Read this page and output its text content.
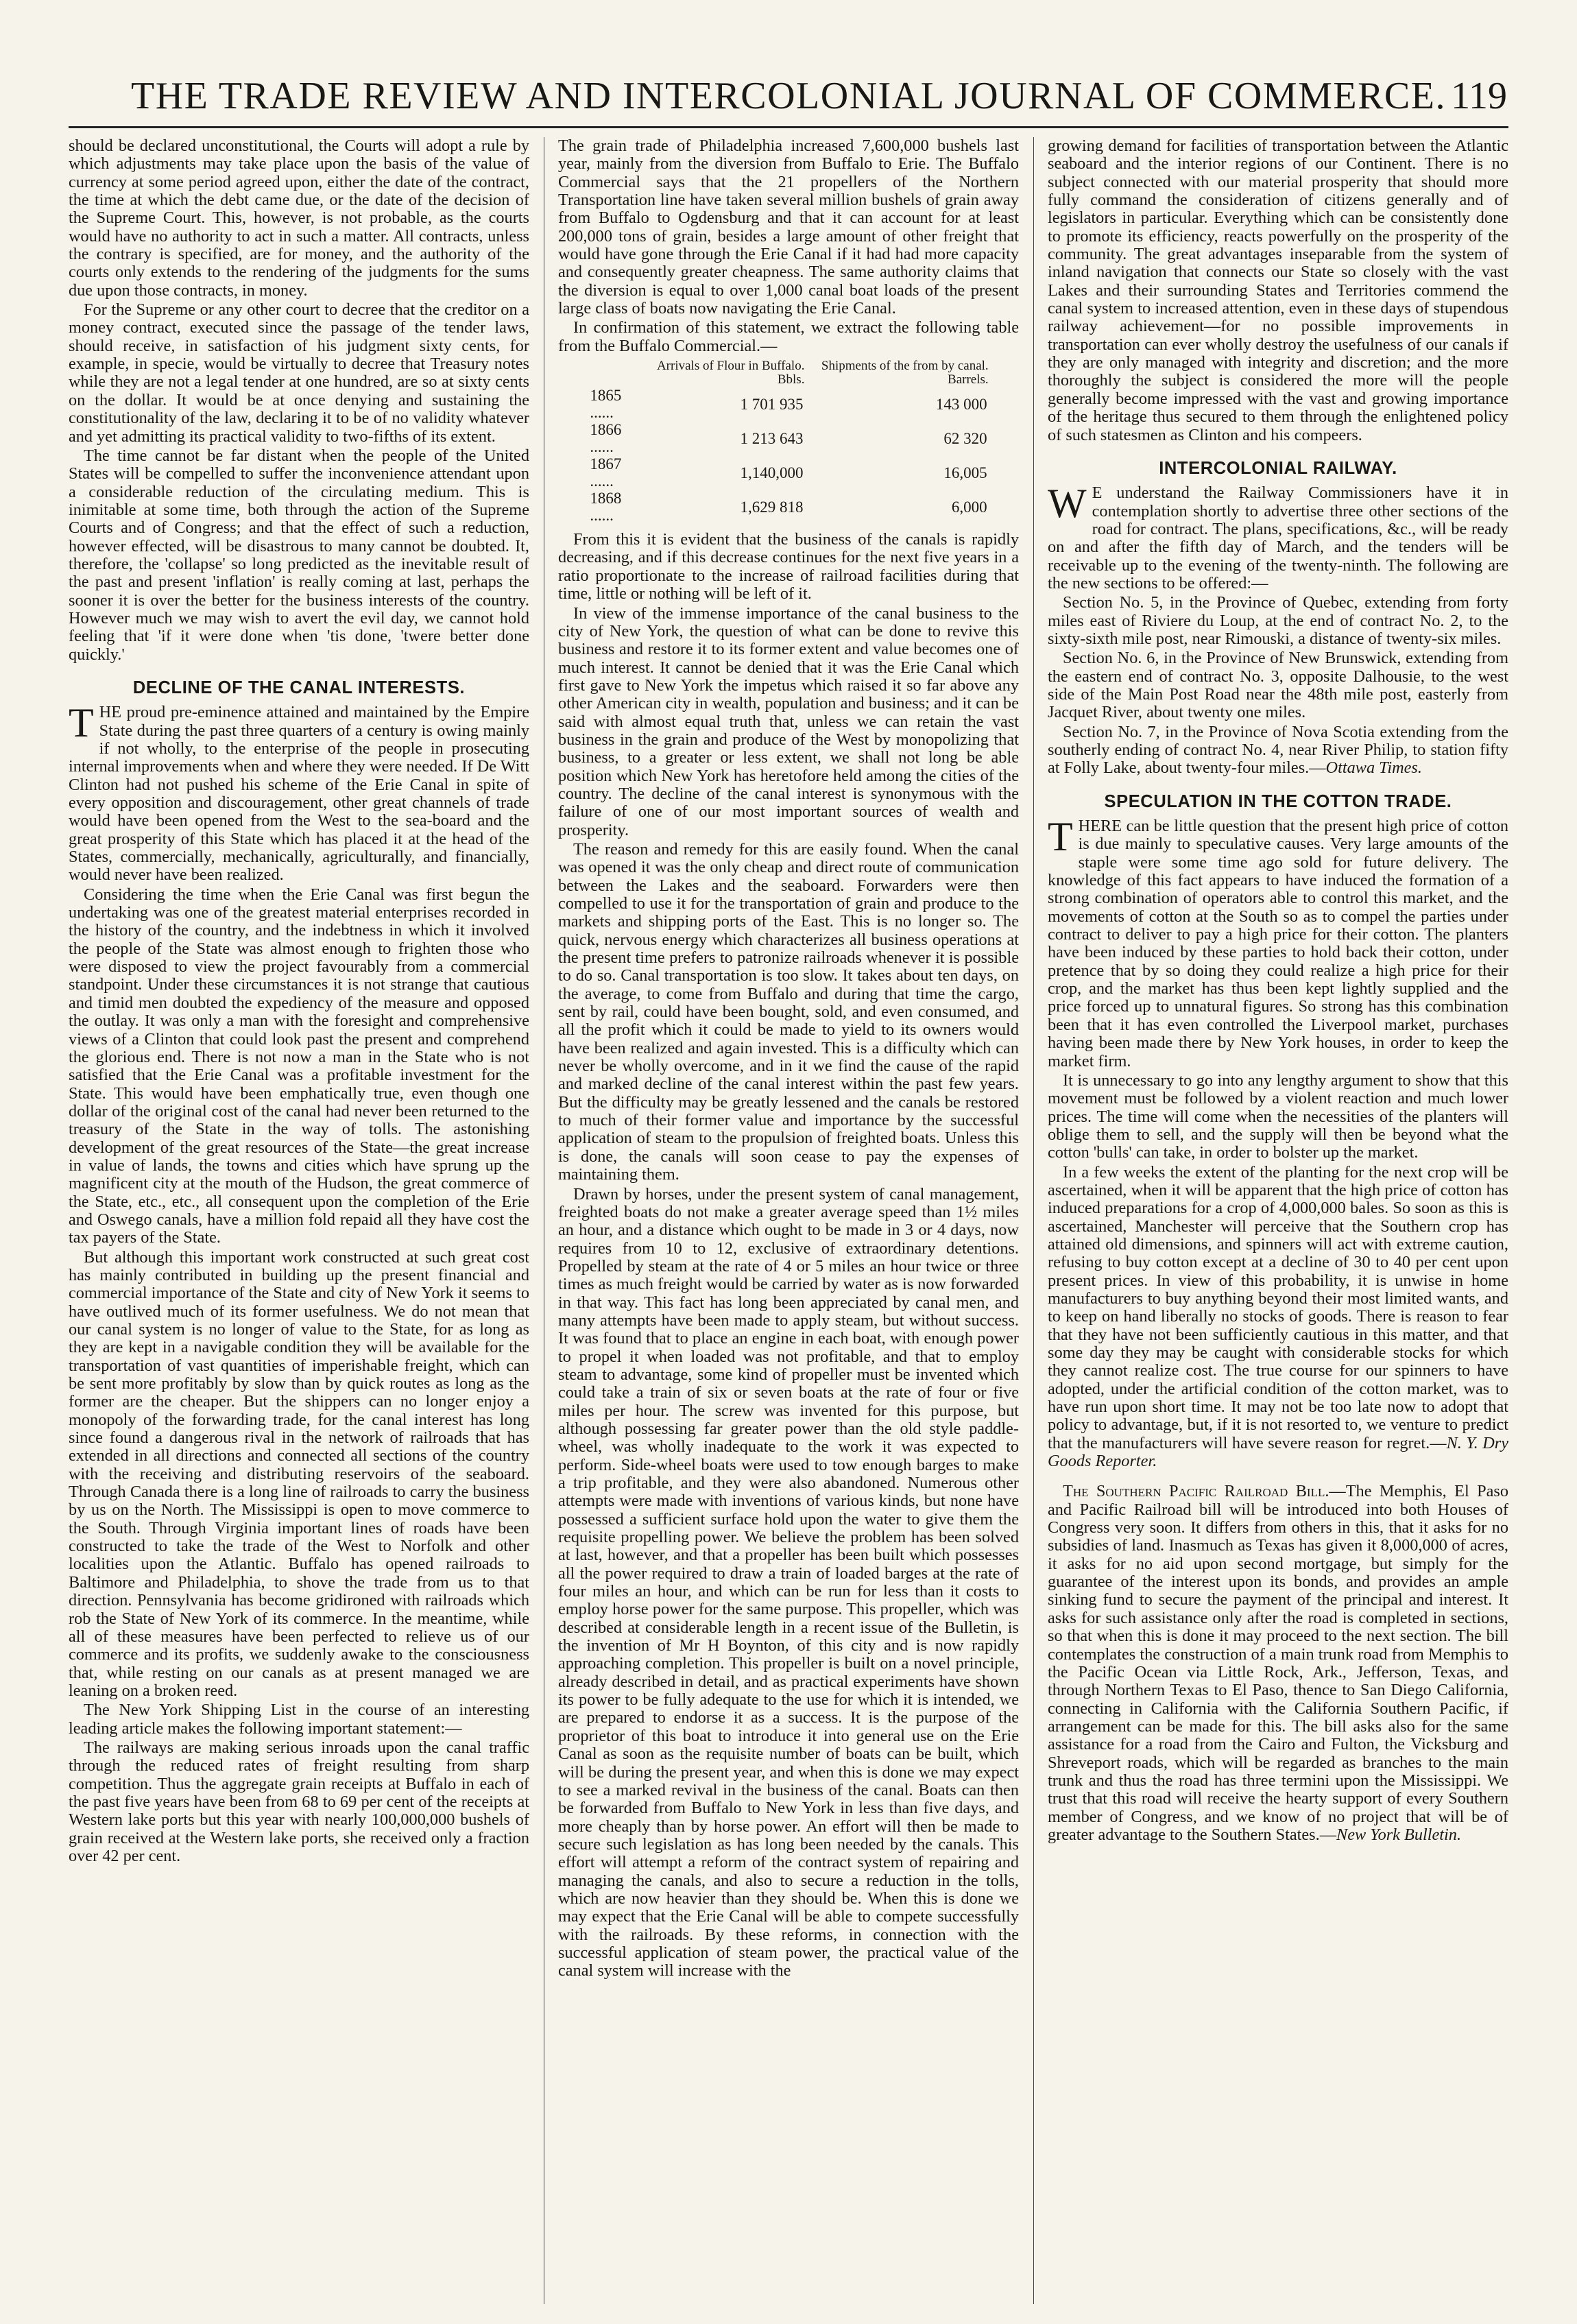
THE TRADE REVIEW AND INTERCOLONIAL JOURNAL OF COMMERCE. 119

should be declared unconstitutional, the Courts will adopt a rule by which adjustments may take place upon the basis of the value of currency at some period agreed upon, either the date of the contract, the time at which the debt came due, or the date of the decision of the Supreme Court. This, however, is not probable, as the courts would have no authority to act in such a matter. All contracts, unless the contrary is specified, are for money, and the authority of the courts only extends to the rendering of the judgments for the sums due upon those contracts, in money.

For the Supreme or any other court to decree that the creditor on a money contract, executed since the passage of the tender laws, should receive, in satisfaction of his judgment sixty cents, for example, in specie, would be virtually to decree that Treasury notes while they are not a legal tender at one hundred, are so at sixty cents on the dollar. It would be at once denying and sustaining the constitutionality of the law, declaring it to be of no validity whatever and yet admitting its practical validity to two-fifths of its extent.

The time cannot be far distant when the people of the United States will be compelled to suffer the inconvenience attendant upon a considerable reduction of the circulating medium. This is inimitable at some time, both through the action of the Supreme Courts and of Congress; and that the effect of such a reduction, however effected, will be disastrous to many cannot be doubted. It, therefore, the 'collapse' so long predicted as the inevitable result of the past and present 'inflation' is really coming at last, perhaps the sooner it is over the better for the business interests of the country. However much we may wish to avert the evil day, we cannot hold feeling that 'if it were done when 'tis done, 'twere better done quickly.'

DECLINE OF THE CANAL INTERESTS.

THE proud pre-eminence attained and maintained by the Empire State during the past three quarters of a century is owing mainly if not wholly, to the enterprise of the people in prosecuting internal improvements when and where they were needed. If De Witt Clinton had not pushed his scheme of the Erie Canal in spite of every opposition and discouragement, other great channels of trade would have been opened from the West to the sea-board and the great prosperity of this State which has placed it at the head of the States, commercially, mechanically, agriculturally, and financially, would never have been realized.

Considering the time when the Erie Canal was first begun the undertaking was one of the greatest material enterprises recorded in the history of the country, and the indebtness in which it involved the people of the State was almost enough to frighten those who were disposed to view the project favourably from a commercial standpoint. Under these circumstances it is not strange that cautious and timid men doubted the expediency of the measure and opposed the outlay. It was only a man with the foresight and comprehensive views of a Clinton that could look past the present and comprehend the glorious end. There is not now a man in the State who is not satisfied that the Erie Canal was a profitable investment for the State. This would have been emphatically true, even though one dollar of the original cost of the canal had never been returned to the treasury of the State in the way of tolls. The astonishing development of the great resources of the State—the great increase in value of lands, the towns and cities which have sprung up the magnificent city at the mouth of the Hudson, the great commerce of the State, etc., etc., all consequent upon the completion of the Erie and Oswego canals, have a million fold repaid all they have cost the tax payers of the State.

But although this important work constructed at such great cost has mainly contributed in building up the present financial and commercial importance of the State and city of New York it seems to have outlived much of its former usefulness. We do not mean that our canal system is no longer of value to the State, for as long as they are kept in a navigable condition they will be available for the transportation of vast quantities of imperishable freight, which can be sent more profitably by slow than by quick routes as long as the former are the cheaper. But the shippers can no longer enjoy a monopoly of the forwarding trade, for the canal interest has long since found a dangerous rival in the network of railroads that has extended in all directions and connected all sections of the country with the receiving and distributing reservoirs of the seaboard. Through Canada there is a long line of railroads to carry the business by us on the North. The Mississippi is open to move commerce to the South. Through Virginia important lines of roads have been constructed to take the trade of the West to Norfolk and other localities upon the Atlantic. Buffalo has opened railroads to Baltimore and Philadelphia, to shove the trade from us to that direction. Pennsylvania has become gridironed with railroads which rob the State of New York of its commerce. In the meantime, while all of these measures have been perfected to relieve us of our commerce and its profits, we suddenly awake to the consciousness that, while resting on our canals as at present managed we are leaning on a broken reed.

The New York Shipping List in the course of an interesting leading article makes the following important statement:—

The railways are making serious inroads upon the canal traffic through the reduced rates of freight resulting from sharp competition. Thus the aggregate grain receipts at Buffalo in each of the past five years have been from 68 to 69 per cent of the receipts at Western lake ports but this year with nearly 100,000,000 bushels of grain received at the Western lake ports, she received only a fraction over 42 per cent.

The grain trade of Philadelphia increased 7,600,000 bushels last year, mainly from the diversion from Buffalo to Erie. The Buffalo Commercial says that the 21 propellers of the Northern Transportation line have taken several million bushels of grain away from Buffalo to Ogdensburg and that it can account for at least 200,000 tons of grain, besides a large amount of other freight that would have gone through the Erie Canal if it had had more capacity and consequently greater cheapness. The same authority claims that the diversion is equal to over 1,000 canal boat loads of the present large class of boats now navigating the Erie Canal.

In confirmation of this statement, we extract the following table from the Buffalo Commercial.—

	Arrivals of Flour in Buffalo. Bbls.	Shipments of the from by canal. Barrels.
1865 ......	1 701 935	143 000
1866 ......	1 213 643	62 320
1867 ......	1,140,000	16,005
1868 ......	1,629 818	6,000

From this it is evident that the business of the canals is rapidly decreasing, and if this decrease continues for the next five years in a ratio proportionate to the increase of railroad facilities during that time, little or nothing will be left of it.

In view of the immense importance of the canal business to the city of New York, the question of what can be done to revive this business and restore it to its former extent and value becomes one of much interest. It cannot be denied that it was the Erie Canal which first gave to New York the impetus which raised it so far above any other American city in wealth, population and business; and it can be said with almost equal truth that, unless we can retain the vast business in the grain and produce of the West by monopolizing that business, to a greater or less extent, we shall not long be able position which New York has heretofore held among the cities of the country. The decline of the canal interest is synonymous with the failure of one of our most important sources of wealth and prosperity.

The reason and remedy for this are easily found. When the canal was opened it was the only cheap and direct route of communication between the Lakes and the seaboard. Forwarders were then compelled to use it for the transportation of grain and produce to the markets and shipping ports of the East. This is no longer so. The quick, nervous energy which characterizes all business operations at the present time prefers to patronize railroads whenever it is possible to do so. Canal transportation is too slow. It takes about ten days, on the average, to come from Buffalo and during that time the cargo, sent by rail, could have been bought, sold, and even consumed, and all the profit which it could be made to yield to its owners would have been realized and again invested. This is a difficulty which can never be wholly overcome, and in it we find the cause of the rapid and marked decline of the canal interest within the past few years. But the difficulty may be greatly lessened and the canals be restored to much of their former value and importance by the successful application of steam to the propulsion of freighted boats. Unless this is done, the canals will soon cease to pay the expenses of maintaining them.

Drawn by horses, under the present system of canal management, freighted boats do not make a greater average speed than 1½ miles an hour, and a distance which ought to be made in 3 or 4 days, now requires from 10 to 12, exclusive of extraordinary detentions. Propelled by steam at the rate of 4 or 5 miles an hour twice or three times as much freight would be carried by water as is now forwarded in that way. This fact has long been appreciated by canal men, and many attempts have been made to apply steam, but without success. It was found that to place an engine in each boat, with enough power to propel it when loaded was not profitable, and that to employ steam to advantage, some kind of propeller must be invented which could take a train of six or seven boats at the rate of four or five miles per hour. The screw was invented for this purpose, but although possessing far greater power than the old style paddle-wheel, was wholly inadequate to the work it was expected to perform. Side-wheel boats were used to tow enough barges to make a trip profitable, and they were also abandoned. Numerous other attempts were made with inventions of various kinds, but none have possessed a sufficient surface hold upon the water to give them the requisite propelling power. We believe the problem has been solved at last, however, and that a propeller has been built which possesses all the power required to draw a train of loaded barges at the rate of four miles an hour, and which can be run for less than it costs to employ horse power for the same purpose. This propeller, which was described at considerable length in a recent issue of the Bulletin, is the invention of Mr H Boynton, of this city and is now rapidly approaching completion. This propeller is built on a novel principle, already described in detail, and as practical experiments have shown its power to be fully adequate to the use for which it is intended, we are prepared to endorse it as a success. It is the purpose of the proprietor of this boat to introduce it into general use on the Erie Canal as soon as the requisite number of boats can be built, which will be during the present year, and when this is done we may expect to see a marked revival in the business of the canal. Boats can then be forwarded from Buffalo to New York in less than five days, and more cheaply than by horse power. An effort will then be made to secure such legislation as has long been needed by the canals. This effort will attempt a reform of the contract system of repairing and managing the canals, and also to secure a reduction in the tolls, which are now heavier than they should be. When this is done we may expect that the Erie Canal will be able to compete successfully with the railroads. By these reforms, in connection with the successful application of steam power, the practical value of the canal system will increase with the

growing demand for facilities of transportation between the Atlantic seaboard and the interior regions of our Continent. There is no subject connected with our material prosperity that should more fully command the consideration of citizens generally and of legislators in particular. Everything which can be consistently done to promote its efficiency, reacts powerfully on the prosperity of the community. The great advantages inseparable from the system of inland navigation that connects our State so closely with the vast Lakes and their surrounding States and Territories commend the canal system to increased attention, even in these days of stupendous railway achievement—for no possible improvements in transportation can ever wholly destroy the usefulness of our canals if they are only managed with integrity and discretion; and the more thoroughly the subject is considered the more will the people generally become impressed with the vast and growing importance of the heritage thus secured to them through the enlightened policy of such statesmen as Clinton and his compeers.

INTERCOLONIAL RAILWAY.

W E understand the Railway Commissioners have it in contemplation shortly to advertise three other sections of the road for contract. The plans, specifications, &c., will be ready on and after the fifth day of March, and the tenders will be receivable up to the evening of the twenty-ninth. The following are the new sections to be offered:—

Section No. 5, in the Province of Quebec, extending from forty miles east of Riviere du Loup, at the end of contract No. 2, to the sixty-sixth mile post, near Rimouski, a distance of twenty-six miles.

Section No. 6, in the Province of New Brunswick, extending from the eastern end of contract No. 3, opposite Dalhousie, to the west side of the Main Post Road near the 48th mile post, easterly from Jacquet River, about twenty one miles.

Section No. 7, in the Province of Nova Scotia extending from the southerly ending of contract No. 4, near River Philip, to station fifty at Folly Lake, about twenty-four miles.—Ottawa Times.

SPECULATION IN THE COTTON TRADE.

THERE can be little question that the present high price of cotton is due mainly to speculative causes. Very large amounts of the staple were some time ago sold for future delivery. The knowledge of this fact appears to have induced the formation of a strong combination of operators able to control this market, and the movements of cotton at the South so as to compel the parties under contract to deliver to pay a high price for their cotton. The planters have been induced by these parties to hold back their cotton, under pretence that by so doing they could realize a high price for their crop, and the market has thus been kept lightly supplied and the price forced up to unnatural figures. So strong has this combination been that it has even controlled the Liverpool market, purchases having been made there by New York houses, in order to keep the market firm.

It is unnecessary to go into any lengthy argument to show that this movement must be followed by a violent reaction and much lower prices. The time will come when the necessities of the planters will oblige them to sell, and the supply will then be beyond what the cotton 'bulls' can take, in order to bolster up the market.

In a few weeks the extent of the planting for the next crop will be ascertained, when it will be apparent that the high price of cotton has induced preparations for a crop of 4,000,000 bales. So soon as this is ascertained, Manchester will perceive that the Southern crop has attained old dimensions, and spinners will act with extreme caution, refusing to buy cotton except at a decline of 30 to 40 per cent upon present prices. In view of this probability, it is unwise in home manufacturers to buy anything beyond their most limited wants, and to keep on hand liberally no stocks of goods. There is reason to fear that they have not been sufficiently cautious in this matter, and that some day they may be caught with considerable stocks for which they cannot realize cost. The true course for our spinners to have adopted, under the artificial condition of the cotton market, was to have run upon short time. It may not be too late now to adopt that policy to advantage, but, if it is not resorted to, we venture to predict that the manufacturers will have severe reason for regret.—N. Y. Dry Goods Reporter.

The Southern Pacific Railroad Bill.—The Memphis, El Paso and Pacific Railroad bill will be introduced into both Houses of Congress very soon. It differs from others in this, that it asks for no subsidies of land. Inasmuch as Texas has given it 8,000,000 of acres, it asks for no aid upon second mortgage, but simply for the guarantee of the interest upon its bonds, and provides an ample sinking fund to secure the payment of the principal and interest. It asks for such assistance only after the road is completed in sections, so that when this is done it may proceed to the next section. The bill contemplates the construction of a main trunk road from Memphis to the Pacific Ocean via Little Rock, Ark., Jefferson, Texas, and through Northern Texas to El Paso, thence to San Diego California, connecting in California with the California Southern Pacific, if arrangement can be made for this. The bill asks also for the same assistance for a road from the Cairo and Fulton, the Vicksburg and Shreveport roads, which will be regarded as branches to the main trunk and thus the road has three termini upon the Mississippi. We trust that this road will receive the hearty support of every Southern member of Congress, and we know of no project that will be of greater advantage to the Southern States.—New York Bulletin.
